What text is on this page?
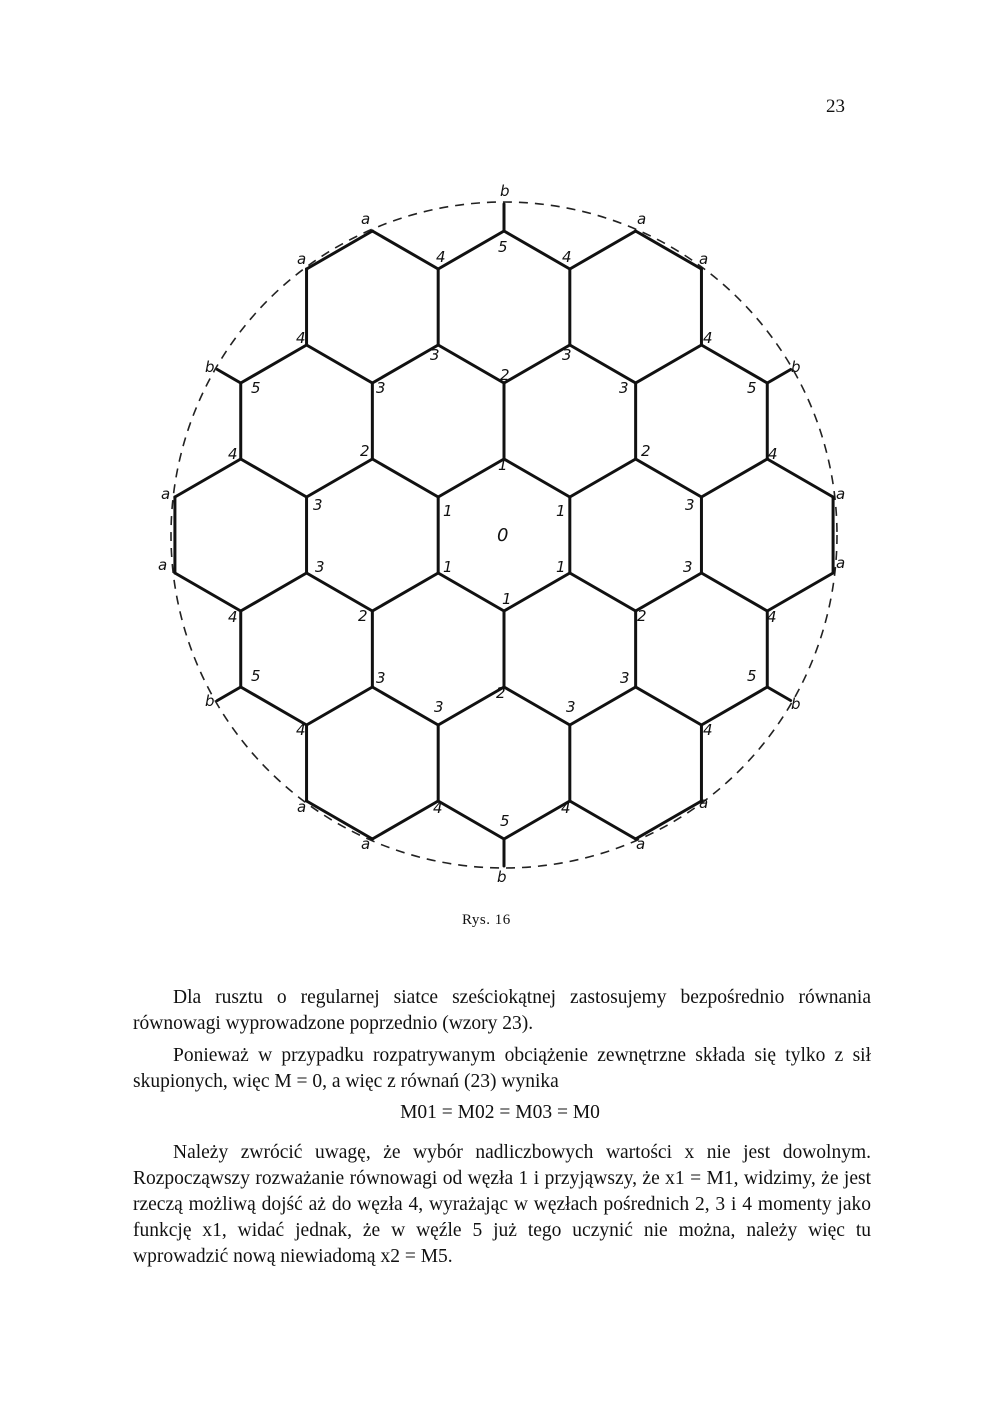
23
0
1
1	1
1	1
1
2
2	2
2	2
2
3	3
3	3
3	3
3	3
3	3
3	3
4	4
4	4
4	4
4	4
4	4
4	4
5
5	5
5	5
5
b
a	a
a	a
b	b
a	a
a	a
b	b
a	a
a	a
b
Rys. 16

Dla rusztu o regularnej siatce sześciokątnej zastosujemy bezpośrednio równania równowagi wyprowadzone poprzednio (wzory 23).

Ponieważ w przypadku rozpatrywanym obciążenie zewnętrzne składa się tylko z sił skupionych, więc M = 0, a więc z równań (23) wynika

M01 = M02 = M03 = M0

Należy zwrócić uwagę, że wybór nadliczbowych wartości x nie jest dowolnym. Rozpocząwszy rozważanie równowagi od węzła 1 i przyjąwszy, że x1 = M1, widzimy, że jest rzeczą możliwą dojść aż do węzła 4, wyrażając w węzłach pośrednich 2, 3 i 4 momenty jako funkcję x1, widać jednak, że w węźle 5 już tego uczynić nie można, należy więc tu wprowadzić nową niewiadomą x2 = M5.
